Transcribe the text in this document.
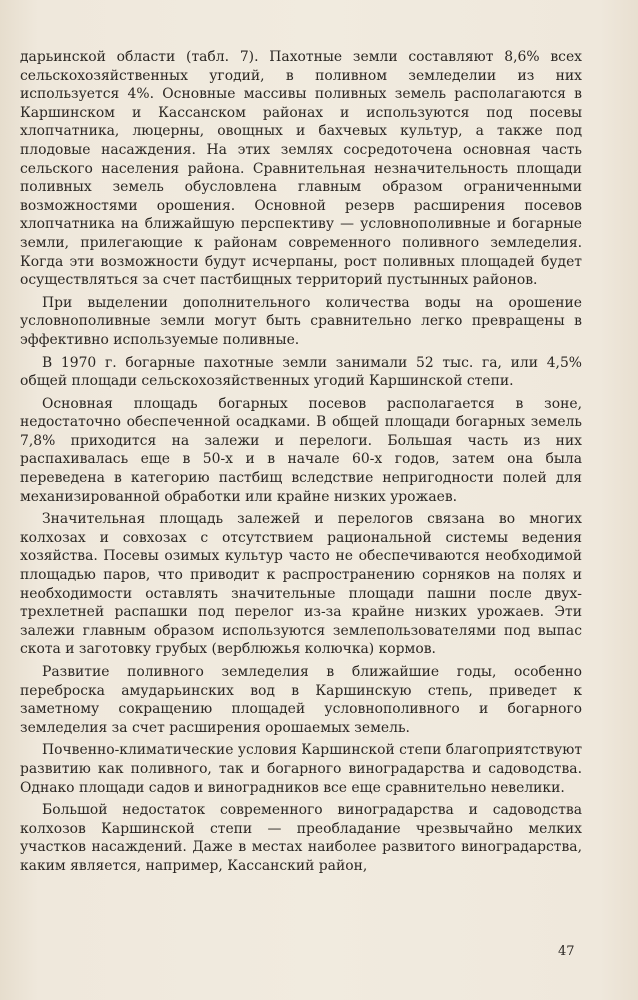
дарьинской области (табл. 7). Пахотные земли составляют 8,6% всех сельскохозяйственных угодий, в поливном земледелии из них используется 4%. Основные массивы поливных земель располагаются в Каршинском и Кассанском районах и используются под посевы хлопчатника, люцерны, овощных и бахчевых культур, а также под плодовые насаждения. На этих землях сосредоточена основная часть сельского населения района. Сравнительная незначительность площади поливных земель обусловлена главным образом ограниченными возможностями орошения. Основной резерв расширения посевов хлопчатника на ближайшую перспективу — условнополивные и богарные земли, прилегающие к районам современного поливного земледелия. Когда эти возможности будут исчерпаны, рост поливных площадей будет осуществляться за счет пастбищных территорий пустынных районов.

При выделении дополнительного количества воды на орошение условнополивные земли могут быть сравнительно легко превращены в эффективно используемые поливные.

В 1970 г. богарные пахотные земли занимали 52 тыс. га, или 4,5% общей площади сельскохозяйственных угодий Каршинской степи.

Основная площадь богарных посевов располагается в зоне, недостаточно обеспеченной осадками. В общей площади богарных земель 7,8% приходится на залежи и перелоги. Большая часть из них распахивалась еще в 50-х и в начале 60-х годов, затем она была переведена в категорию пастбищ вследствие непригодности полей для механизированной обработки или крайне низких урожаев.

Значительная площадь залежей и перелогов связана во многих колхозах и совхозах с отсутствием рациональной системы ведения хозяйства. Посевы озимых культур часто не обеспечиваются необходимой площадью паров, что приводит к распространению сорняков на полях и необходимости оставлять значительные площади пашни после двух-трехлетней распашки под перелог из-за крайне низких урожаев. Эти залежи главным образом используются землепользователями под выпас скота и заготовку грубых (верблюжья колючка) кормов.

Развитие поливного земледелия в ближайшие годы, особенно переброска амударьинских вод в Каршинскую степь, приведет к заметному сокращению площадей условнополивного и богарного земледелия за счет расширения орошаемых земель.

Почвенно-климатические условия Каршинской степи благоприятствуют развитию как поливного, так и богарного виноградарства и садоводства. Однако площади садов и виноградников все еще сравнительно невелики.

Большой недостаток современного виноградарства и садоводства колхозов Каршинской степи — преобладание чрезвычайно мелких участков насаждений. Даже в местах наиболее развитого виноградарства, каким является, например, Кассанский район,

47
